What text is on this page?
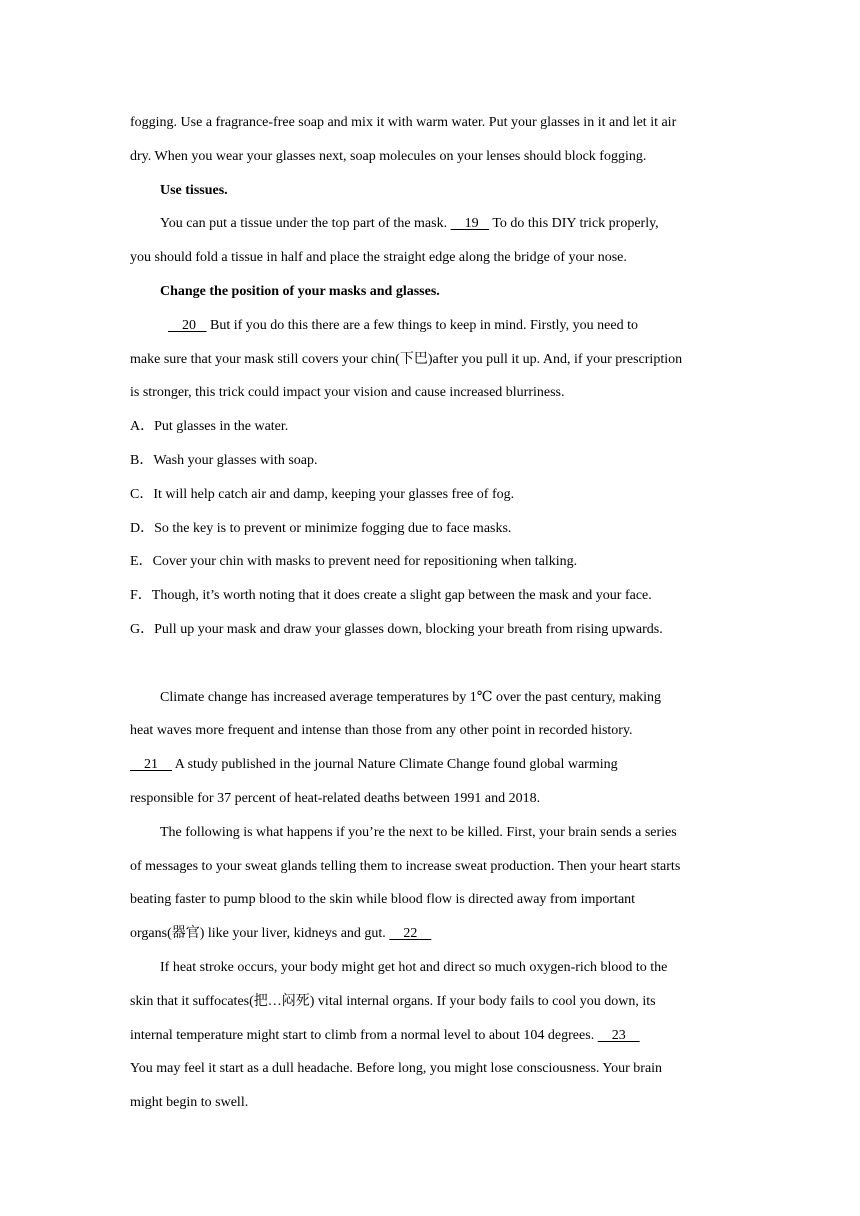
fogging. Use a fragrance-free soap and mix it with warm water. Put your glasses in it and let it air
dry. When you wear your glasses next, soap molecules on your lenses should block fogging.
Use tissues.
You can put a tissue under the top part of the mask.     19    To do this DIY trick properly,
you should fold a tissue in half and place the straight edge along the bridge of your nose.
Change the position of your masks and glasses.
20    But if you do this there are a few things to keep in mind. Firstly, you need to
make sure that your mask still covers your chin(下巴)after you pull it up. And, if your prescription
is stronger, this trick could impact your vision and cause increased blurriness.
A．Put glasses in the water.
B．Wash your glasses with soap.
C．It will help catch air and damp, keeping your glasses free of fog.
D．So the key is to prevent or minimize fogging due to face masks.
E．Cover your chin with masks to prevent need for repositioning when talking.
F．Though, it’s worth noting that it does create a slight gap between the mask and your face.
G．Pull up your mask and draw your glasses down, blocking your breath from rising upwards.
Climate change has increased average temperatures by 1℃ over the past century, making
heat waves more frequent and intense than those from any other point in recorded history.
21     A study published in the journal Nature Climate Change found global warming
responsible for 37 percent of heat-related deaths between 1991 and 2018.
The following is what happens if you’re the next to be killed. First, your brain sends a series
of messages to your sweat glands telling them to increase sweat production. Then your heart starts
beating faster to pump blood to the skin while blood flow is directed away from important
organs(器官) like your liver, kidneys and gut.     22
If heat stroke occurs, your body might get hot and direct so much oxygen-rich blood to the
skin that it suffocates(把…闷死) vital internal organs. If your body fails to cool you down, its
internal temperature might start to climb from a normal level to about 104 degrees.     23
You may feel it start as a dull headache. Before long, you might lose consciousness. Your brain
might begin to swell.
